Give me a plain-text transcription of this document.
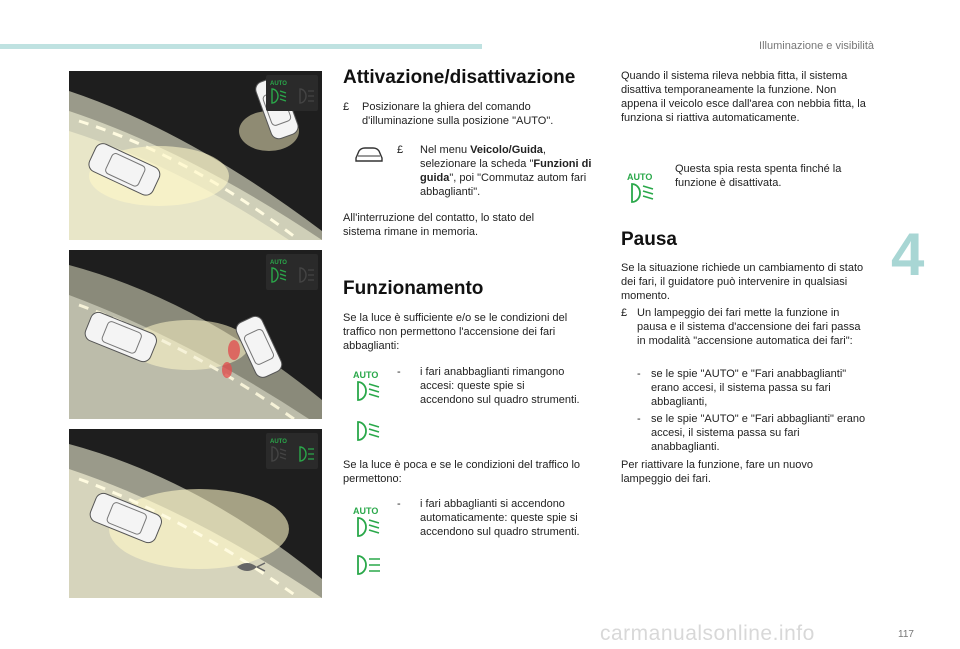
Illuminazione e visibilità
4
AUTO
AUTO
AUTO
Attivazione/disattivazione
£	Posizionare la ghiera del comando d'illuminazione sulla posizione "AUTO".
£	Nel menu Veicolo/Guida, selezionare la scheda "Funzioni di guida", poi "Commutaz autom fari abbaglianti".
All'interruzione del contatto, lo stato del sistema rimane in memoria.
Funzionamento
Se la luce è sufficiente e/o se le condizioni del traffico non permettono l'accensione dei fari abbaglianti:
AUTO -	i fari anabbaglianti rimangono accesi: queste spie si accendono sul quadro strumenti.
Se la luce è poca e se le condizioni del traffico lo permettono:
AUTO
-	i fari abbaglianti si accendono automaticamente: queste spie si accendono sul quadro strumenti.
Quando il sistema rileva nebbia fitta, il sistema disattiva temporaneamente la funzione. Non appena il veicolo esce dall'area con nebbia fitta, la funziona si riattiva automaticamente.
AUTO
Questa spia resta spenta finché la funzione è disattivata.
Pausa
Se la situazione richiede un cambiamento di stato dei fari, il guidatore può intervenire in qualsiasi momento.
£ Un lampeggio dei fari mette la funzione in pausa e il sistema d'accensione dei fari passa in modalità "accensione automatica dei fari":
- se le spie "AUTO" e "Fari anabbaglianti" erano accesi, il sistema passa su fari abbaglianti,
- se le spie "AUTO" e "Fari abbaglianti" erano accesi, il sistema passa su fari anabbaglianti.
Per riattivare la funzione, fare un nuovo lampeggio dei fari.
carmanualsonline.info	117
